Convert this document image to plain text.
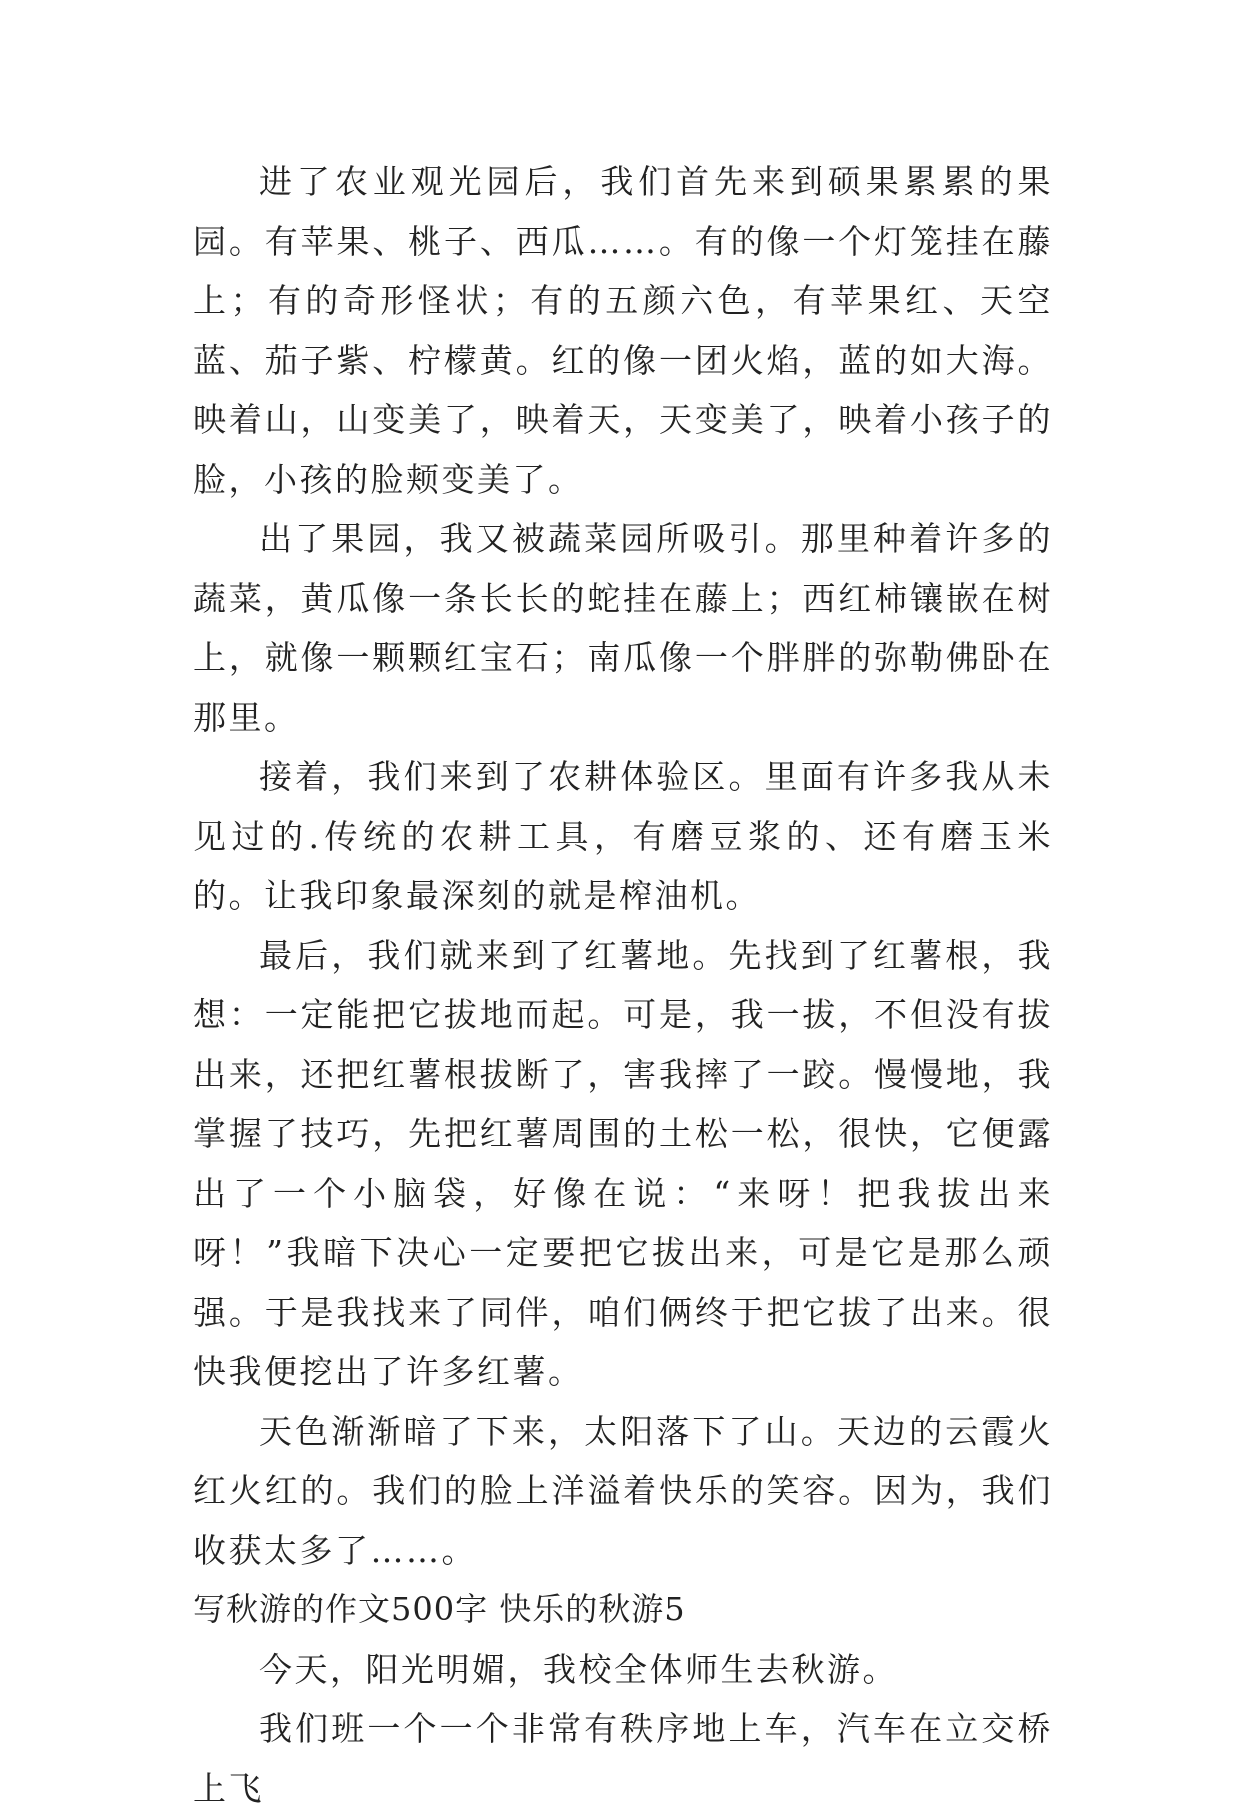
进了农业观光园后，我们首先来到硕果累累的果园。有苹果、桃子、西瓜……。有的像一个灯笼挂在藤上；有的奇形怪状；有的五颜六色，有苹果红、天空蓝、茄子紫、柠檬黄。红的像一团火焰，蓝的如大海。映着山，山变美了，映着天，天变美了，映着小孩子的脸，小孩的脸颊变美了。

出了果园，我又被蔬菜园所吸引。那里种着许多的蔬菜，黄瓜像一条长长的蛇挂在藤上；西红柿镶嵌在树上，就像一颗颗红宝石；南瓜像一个胖胖的弥勒佛卧在那里。

接着，我们来到了农耕体验区。里面有许多我从未见过的.传统的农耕工具，有磨豆浆的、还有磨玉米的。让我印象最深刻的就是榨油机。

最后，我们就来到了红薯地。先找到了红薯根，我想：一定能把它拔地而起。可是，我一拔，不但没有拔出来，还把红薯根拔断了，害我摔了一跤。慢慢地，我掌握了技巧，先把红薯周围的土松一松，很快，它便露出了一个小脑袋，好像在说：“来呀！把我拔出来呀！”我暗下决心一定要把它拔出来，可是它是那么顽强。于是我找来了同伴，咱们俩终于把它拔了出来。很快我便挖出了许多红薯。

天色渐渐暗了下来，太阳落下了山。天边的云霞火红火红的。我们的脸上洋溢着快乐的笑容。因为，我们收获太多了……。

写秋游的作文500字 快乐的秋游5

今天，阳光明媚，我校全体师生去秋游。

我们班一个一个非常有秩序地上车，汽车在立交桥上飞
